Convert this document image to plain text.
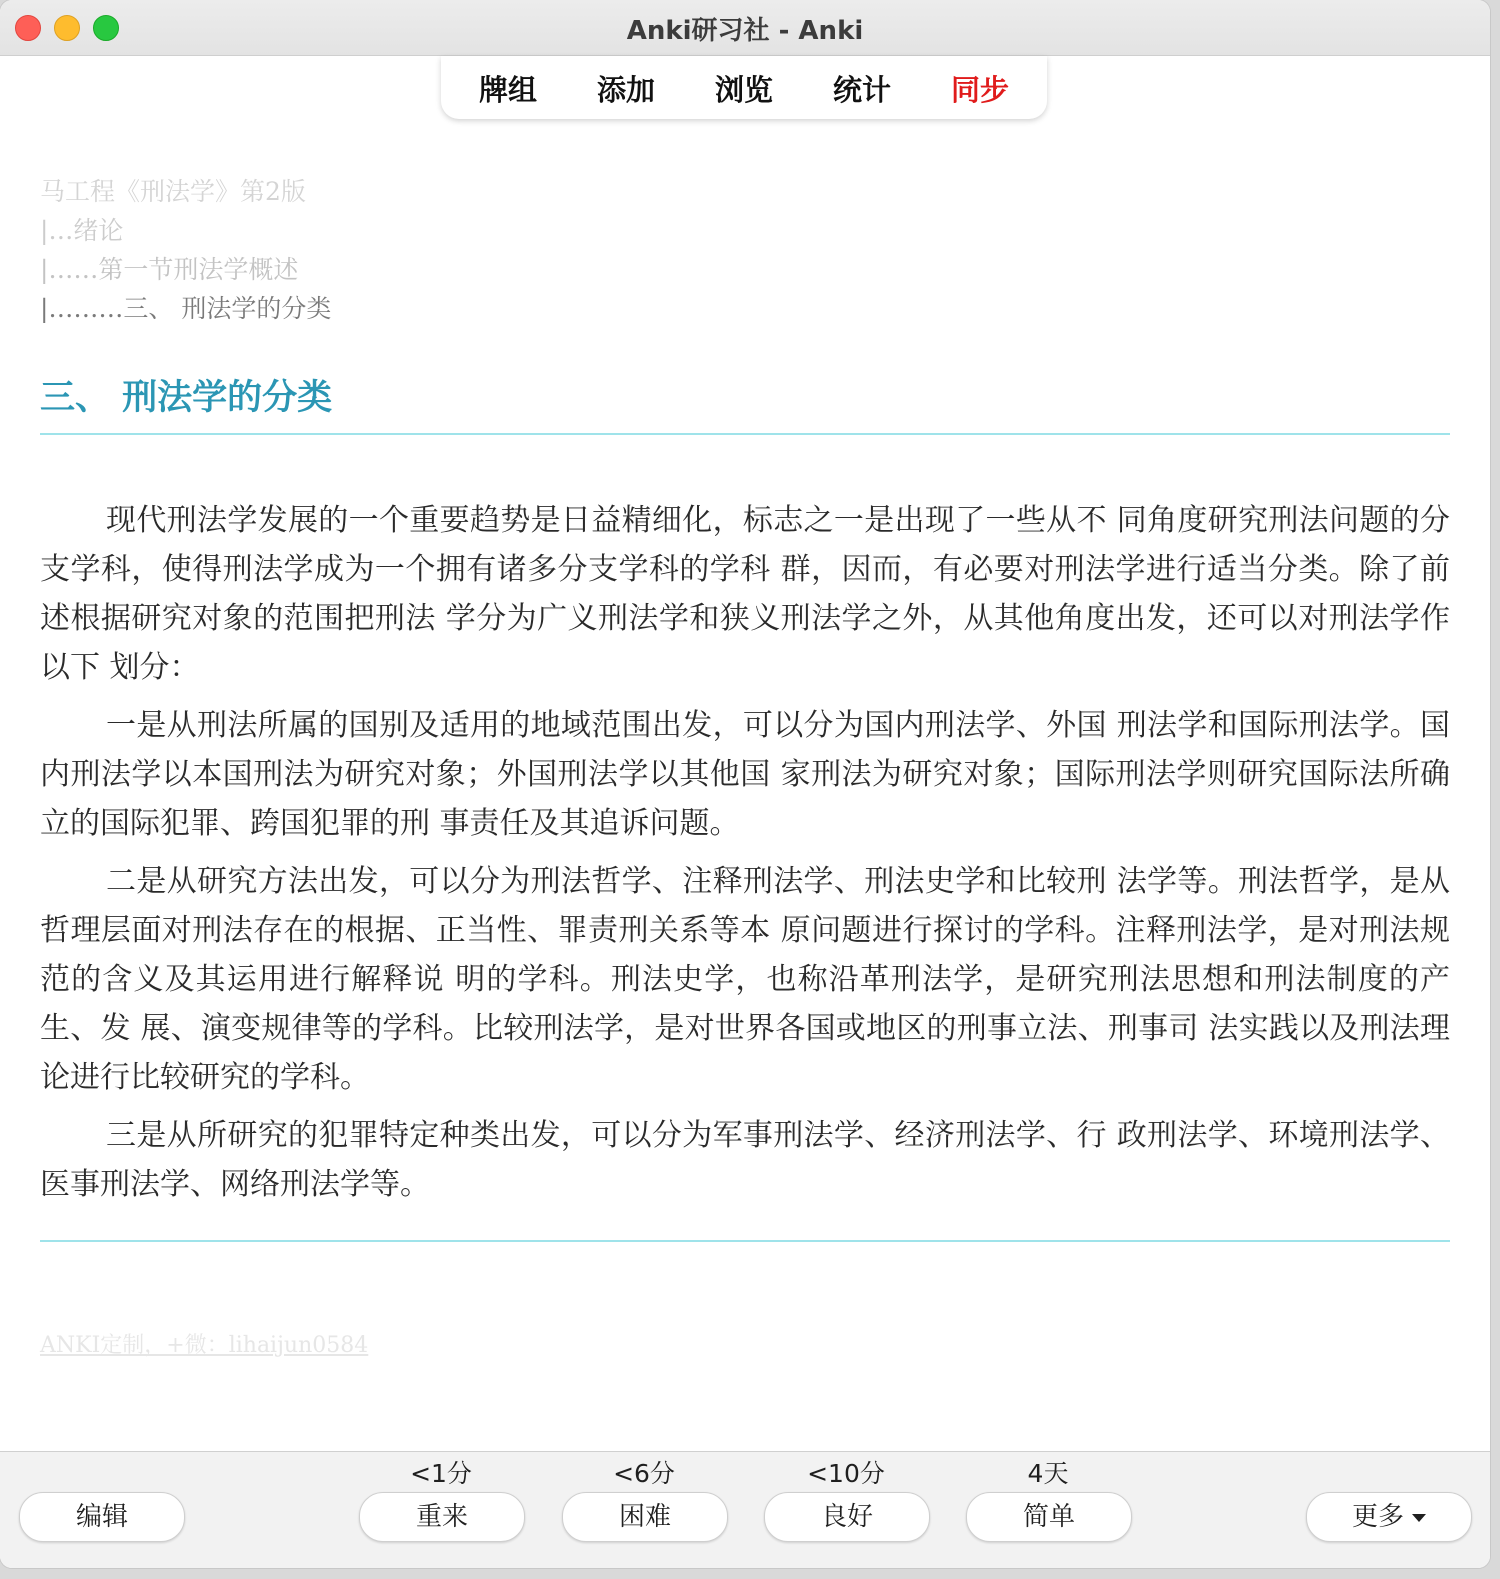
Anki研习社 - Anki
牌组 添加 浏览 统计 同步
马工程《刑法学》第2版
|…绪论
|……第一节刑法学概述
|………三、 刑法学的分类
三、 刑法学的分类

现代刑法学发展的一个重要趋势是日益精细化，标志之一是出现了一些从不 同角度研究刑法问题的分支学科，使得刑法学成为一个拥有诸多分支学科的学科 群，因而，有必要对刑法学进行适当分类。除了前述根据研究对象的范围把刑法 学分为广义刑法学和狭义刑法学之外，从其他角度出发，还可以对刑法学作以下 划分：

一是从刑法所属的国别及适用的地域范围出发，可以分为国内刑法学、外国 刑法学和国际刑法学。国内刑法学以本国刑法为研究对象；外国刑法学以其他国 家刑法为研究对象；国际刑法学则研究国际法所确立的国际犯罪、跨国犯罪的刑 事责任及其追诉问题。

二是从研究方法出发，可以分为刑法哲学、注释刑法学、刑法史学和比较刑 法学等。刑法哲学，是从哲理层面对刑法存在的根据、正当性、罪责刑关系等本 原问题进行探讨的学科。注释刑法学，是对刑法规范的含义及其运用进行解释说 明的学科。刑法史学，也称沿革刑法学，是研究刑法思想和刑法制度的产生、发 展、演变规律等的学科。比较刑法学，是对世界各国或地区的刑事立法、刑事司 法实践以及刑法理论进行比较研究的学科。

三是从所研究的犯罪特定种类出发，可以分为军事刑法学、经济刑法学、行 政刑法学、环境刑法学、医事刑法学、网络刑法学等。

ANKI定制，+微：lihaijun0584
编辑
<1分
重来
<6分
困难
<10分
良好
4天
简单	更多
